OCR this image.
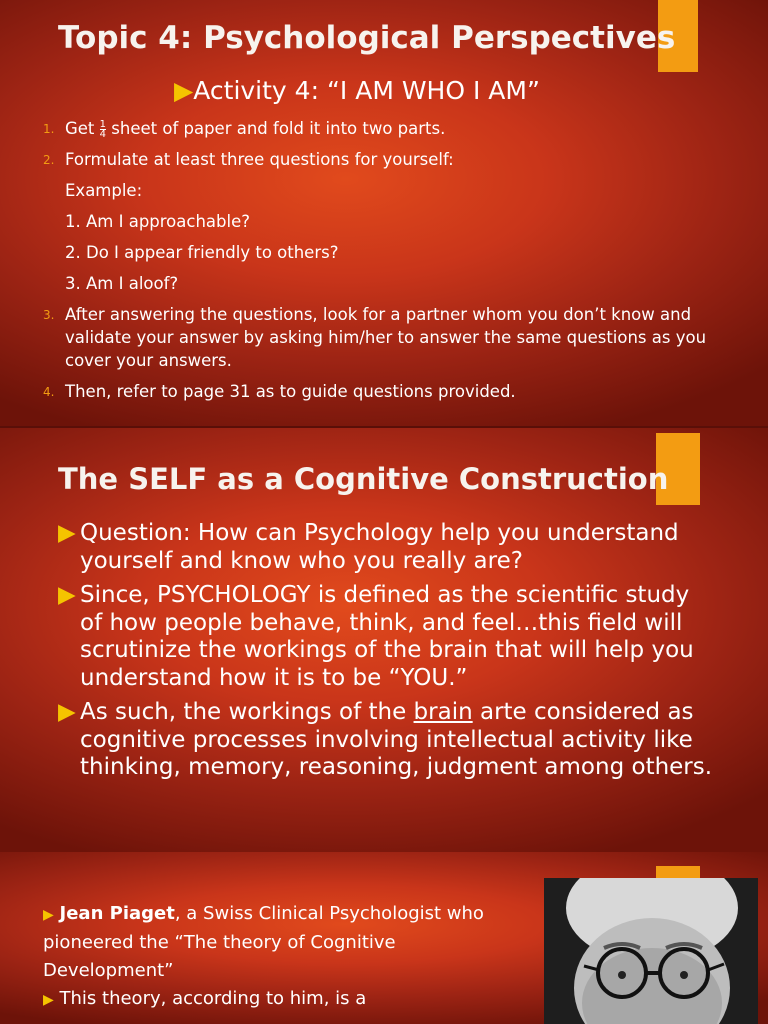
Topic 4: Psychological Perspectives
▶Activity 4: “I AM WHO I AM”
1. Get $\frac{1}{4}$ sheet of paper and fold it into two parts.
2. Formulate at least three questions for yourself:
Example:
1. Am I approachable?
2. Do I appear friendly to others?
3. Am I aloof?
3. After answering the questions, look for a partner whom you don’t know and validate your answer by asking him/her to answer the same questions as you cover your answers.
4. Then, refer to page 31 as to guide questions provided.
The SELF as a Cognitive Construction
▶ Question: How can Psychology help you understand yourself and know who you really are?
▶ Since, PSYCHOLOGY is defined as the scientific study of how people behave, think, and feel…this field will scrutinize the workings of the brain that will help you understand how it is to be “YOU.”
▶ As such, the workings of the brain arte considered as cognitive processes involving intellectual activity like thinking, memory, reasoning, judgment among others.
▶ Jean Piaget, a Swiss Clinical Psychologist who pioneered the “The theory of Cognitive Development”
▶ This theory, according to him, is a
